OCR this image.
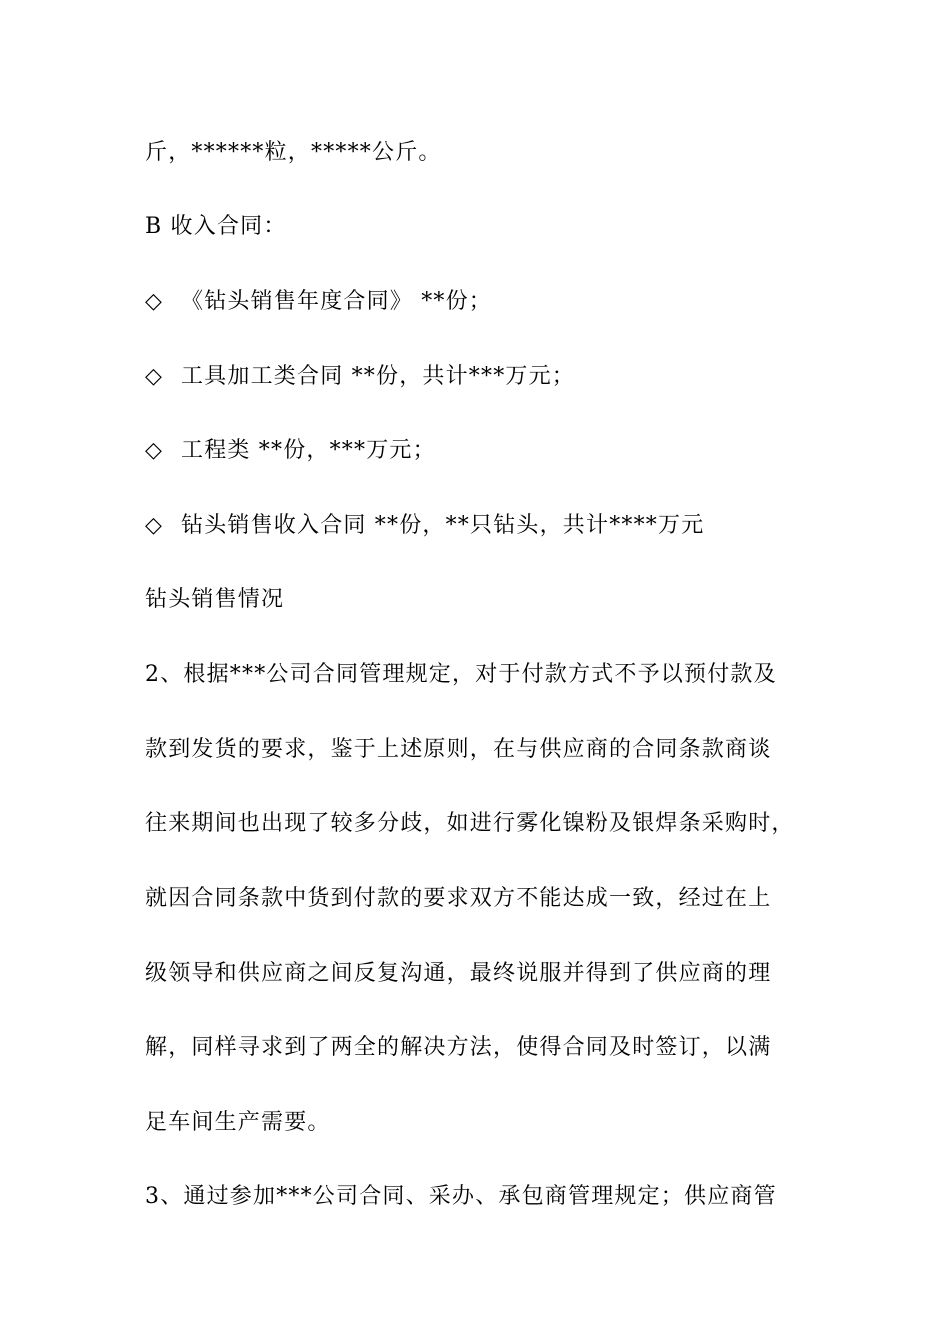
斤，******粒，*****公斤。
B 收入合同：
◇ 《钻头销售年度合同》 **份；
◇ 工具加工类合同 **份，共计***万元；
◇ 工程类 **份，***万元；
◇ 钻头销售收入合同 **份，**只钻头，共计****万元
钻头销售情况
2、根据***公司合同管理规定，对于付款方式不予以预付款及
款到发货的要求，鉴于上述原则，在与供应商的合同条款商谈
往来期间也出现了较多分歧，如进行雾化镍粉及银焊条采购时，
就因合同条款中货到付款的要求双方不能达成一致，经过在上
级领导和供应商之间反复沟通，最终说服并得到了供应商的理
解，同样寻求到了两全的解决方法，使得合同及时签订，以满
足车间生产需要。
3、通过参加***公司合同、采办、承包商管理规定；供应商管
